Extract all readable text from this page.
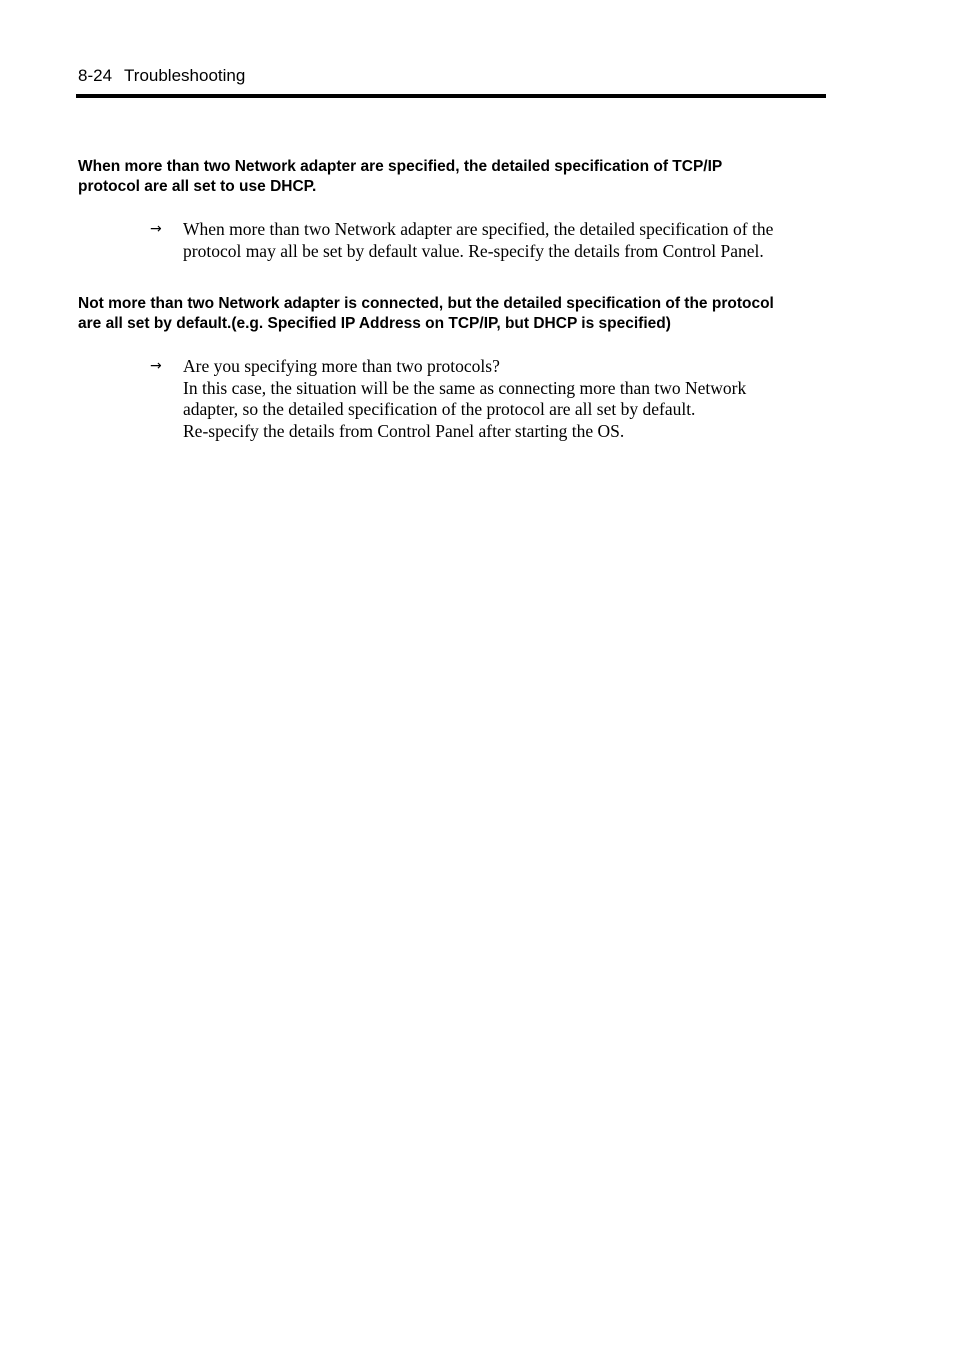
8-24 Troubleshooting
When more than two Network adapter are specified, the detailed specification of TCP/IP
protocol are all set to use DHCP.
→	When more than two Network adapter are specified, the detailed specification of the
protocol may all be set by default value. Re-specify the details from Control Panel.
Not more than two Network adapter is connected, but the detailed specification of the protocol
are all set by default.(e.g. Specified IP Address on TCP/IP, but DHCP is specified)
→	Are you specifying more than two protocols?
In this case, the situation will be the same as connecting more than two Network
adapter, so the detailed specification of the protocol are all set by default.
Re-specify the details from Control Panel after starting the OS.
